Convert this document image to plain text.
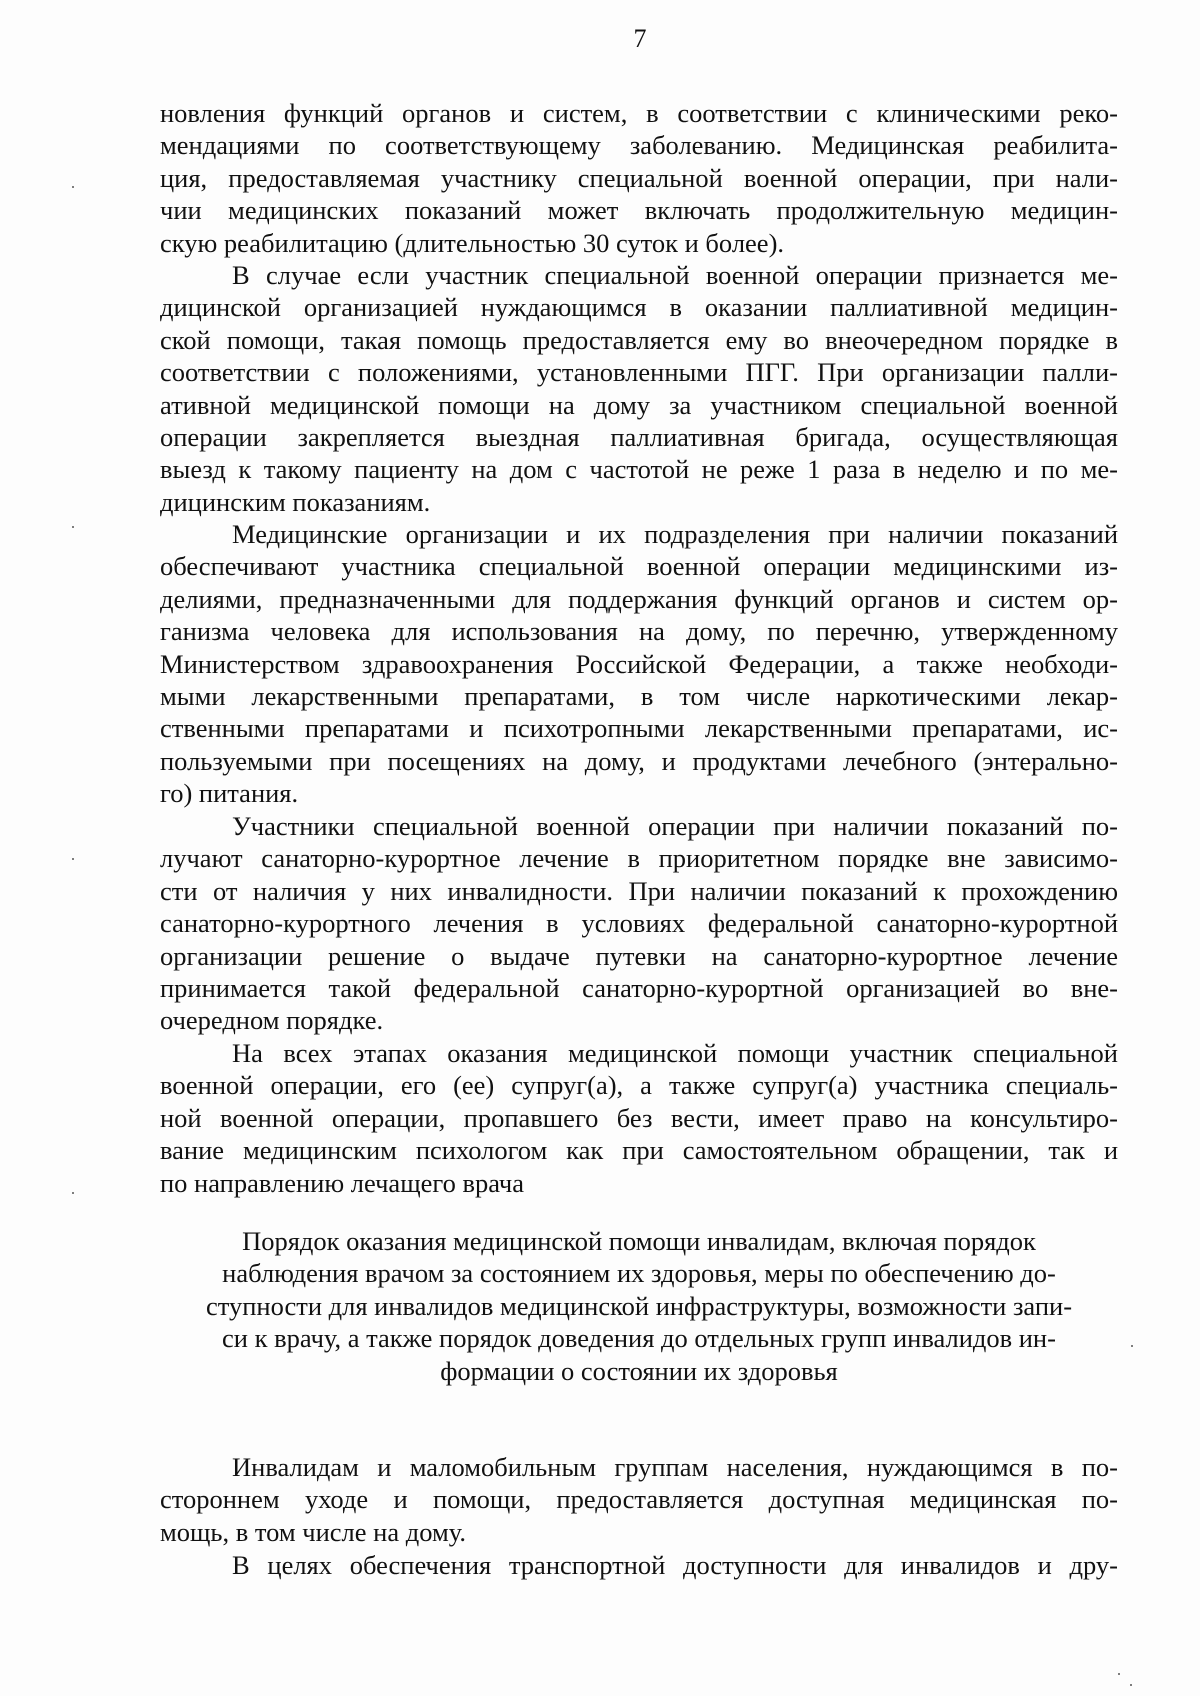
7
новления функций органов и систем, в соответствии с клиническими реко-
мендациями по соответствующему заболеванию. Медицинская реабилита-
ция, предоставляемая участнику специальной военной операции, при нали-
чии медицинских показаний может включать продолжительную медицин-
скую реабилитацию (длительностью 30 суток и более).
В случае если участник специальной военной операции признается ме-
дицинской организацией нуждающимся в оказании паллиативной медицин-
ской помощи, такая помощь предоставляется ему во внеочередном порядке в
соответствии с положениями, установленными ПГГ. При организации палли-
ативной медицинской помощи на дому за участником специальной военной
операции закрепляется выездная паллиативная бригада, осуществляющая
выезд к такому пациенту на дом с частотой не реже 1 раза в неделю и по ме-
дицинским показаниям.
Медицинские организации и их подразделения при наличии показаний
обеспечивают участника специальной военной операции медицинскими из-
делиями, предназначенными для поддержания функций органов и систем ор-
ганизма человека для использования на дому, по перечню, утвержденному
Министерством здравоохранения Российской Федерации, а также необходи-
мыми лекарственными препаратами, в том числе наркотическими лекар-
ственными препаратами и психотропными лекарственными препаратами, ис-
пользуемыми при посещениях на дому, и продуктами лечебного (энтерально-
го) питания.
Участники специальной военной операции при наличии показаний по-
лучают санаторно-курортное лечение в приоритетном порядке вне зависимо-
сти от наличия у них инвалидности. При наличии показаний к прохождению
санаторно-курортного лечения в условиях федеральной санаторно-курортной
организации решение о выдаче путевки на санаторно-курортное лечение
принимается такой федеральной санаторно-курортной организацией во вне-
очередном порядке.
На всех этапах оказания медицинской помощи участник специальной
военной операции, его (ее) супруг(а), а также супруг(а) участника специаль-
ной военной операции, пропавшего без вести, имеет право на консультиро-
вание медицинским психологом как при самостоятельном обращении, так и
по направлению лечащего врача
Порядок оказания медицинской помощи инвалидам, включая порядок
наблюдения врачом за состоянием их здоровья, меры по обеспечению до-
ступности для инвалидов медицинской инфраструктуры, возможности запи-
си к врачу, а также порядок доведения до отдельных групп инвалидов ин-
формации о состоянии их здоровья
Инвалидам и маломобильным группам населения, нуждающимся в по-
стороннем уходе и помощи, предоставляется доступная медицинская по-
мощь, в том числе на дому.
В целях обеспечения транспортной доступности для инвалидов и дру-
